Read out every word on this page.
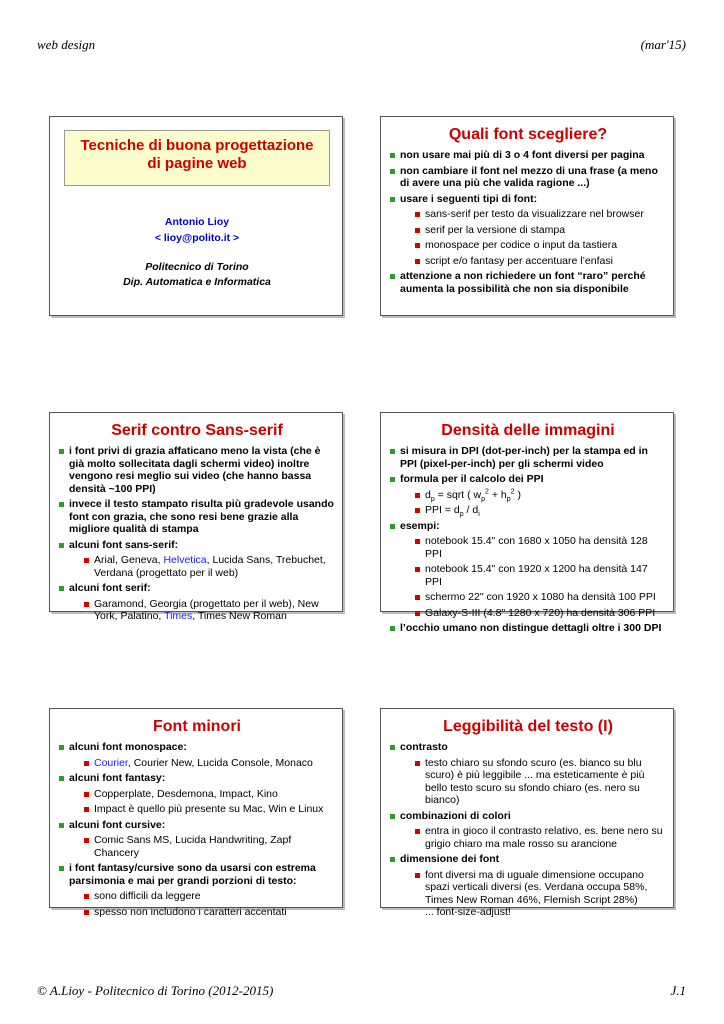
web design	(mar'15)
Tecniche di buona progettazione
di pagine web
Antonio Lioy
< lioy@polito.it >
Politecnico di Torino
Dip. Automatica e Informatica
Quali font scegliere?
non usare mai più di 3 o 4 font diversi per pagina
non cambiare il font nel mezzo di una frase (a meno di avere una più che valida ragione ...)
usare i seguenti tipi di font:
sans-serif per testo da visualizzare nel browser
serif per la versione di stampa
monospace per codice o input da tastiera
script e/o fantasy per accentuare l’enfasi
attenzione a non richiedere un font “raro” perché aumenta la possibilità che non sia disponibile
Serif contro Sans-serif
i font privi di grazia affaticano meno la vista (che è già molto sollecitata dagli schermi video) inoltre vengono resi meglio sui video (che hanno bassa densità ~100 PPI)
invece il testo stampato risulta più gradevole usando font con grazia, che sono resi bene grazie alla migliore qualità di stampa
alcuni font sans-serif:
Arial, Geneva, Helvetica, Lucida Sans, Trebuchet, Verdana (progettato per il web)
alcuni font serif:
Garamond, Georgia (progettato per il web), New York, Palatino, Times, Times New Roman
Densità delle immagini
si misura in DPI (dot-per-inch) per la stampa ed in PPI (pixel-per-inch) per gli schermi video
formula per il calcolo dei PPI
$d_p$ = sqrt ( $w_p^2 + h_p^2$ )
PPI = $d_p / d_i$
esempi:
notebook 15.4" con 1680 x 1050 ha densità 128 PPI
notebook 15.4" con 1920 x 1200 ha densità 147 PPI
schermo 22" con 1920 x 1080 ha densità 100 PPI
Galaxy-S-III (4.8" 1280 x 720) ha densità 306 PPI
l’occhio umano non distingue dettagli oltre i 300 DPI
Font minori
alcuni font monospace:
Courier, Courier New, Lucida Console, Monaco
alcuni font fantasy:
Copperplate, Desdemona, Impact, Kino
Impact è quello più presente su Mac, Win e Linux
alcuni font cursive:
Comic Sans MS, Lucida Handwriting, Zapf Chancery
i font fantasy/cursive sono da usarsi con estrema parsimonia e mai per grandi porzioni di testo:
sono difficili da leggere
spesso non includono i caratteri accentati
Leggibilità del testo (I)
contrasto
testo chiaro su sfondo scuro (es. bianco su blu scuro) è più leggibile ... ma esteticamente è più bello testo scuro su sfondo chiaro (es. nero su bianco)
combinazioni di colori
entra in gioco il contrasto relativo, es. bene nero su grigio chiaro ma male rosso su arancione
dimensione dei font
font diversi ma di uguale dimensione occupano spazi verticali diversi (es. Verdana occupa 58%, Times New Roman 46%, Flemish Script 28%)
... font-size-adjust!
© A.Lioy - Politecnico di Torino (2012-2015)	J.1
